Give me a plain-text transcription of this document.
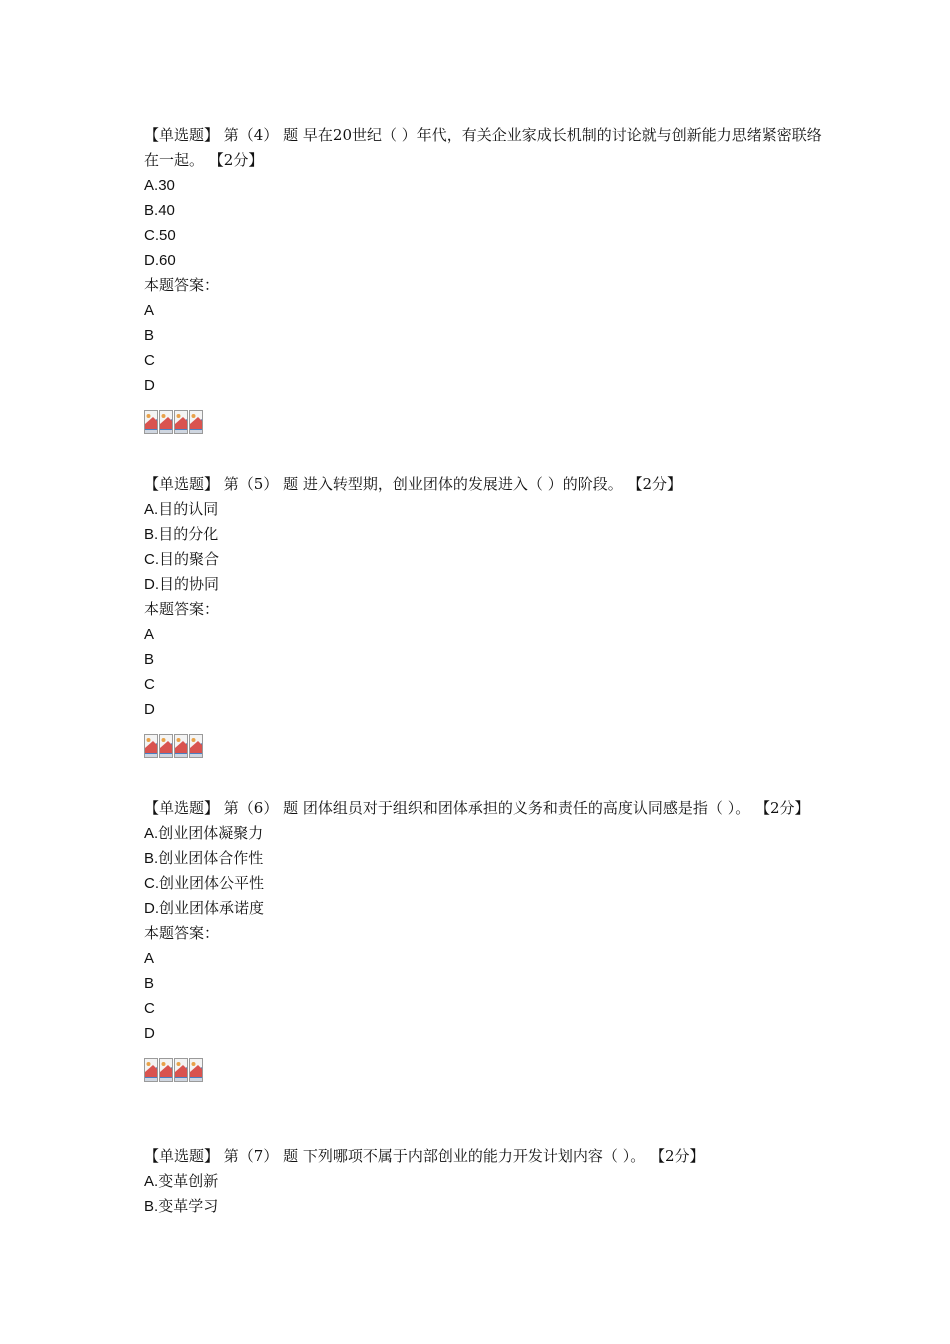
【单选题】 第（4） 题 早在20世纪（ ）年代，有关企业家成长机制的讨论就与创新能力思绪紧密联络在一起。 【2分】
A.30
B.40
C.50
D.60
本题答案：
A
B
C
D
【单选题】 第（5） 题 进入转型期，创业团体的发展进入（ ）的阶段。 【2分】
A.目的认同
B.目的分化
C.目的聚合
D.目的协同
本题答案：
A
B
C
D
【单选题】 第（6） 题 团体组员对于组织和团体承担的义务和责任的高度认同感是指（ ）。 【2分】
A.创业团体凝聚力
B.创业团体合作性
C.创业团体公平性
D.创业团体承诺度
本题答案：
A
B
C
D
【单选题】 第（7） 题 下列哪项不属于内部创业的能力开发计划内容（ ）。 【2分】
A.变革创新
B.变革学习
